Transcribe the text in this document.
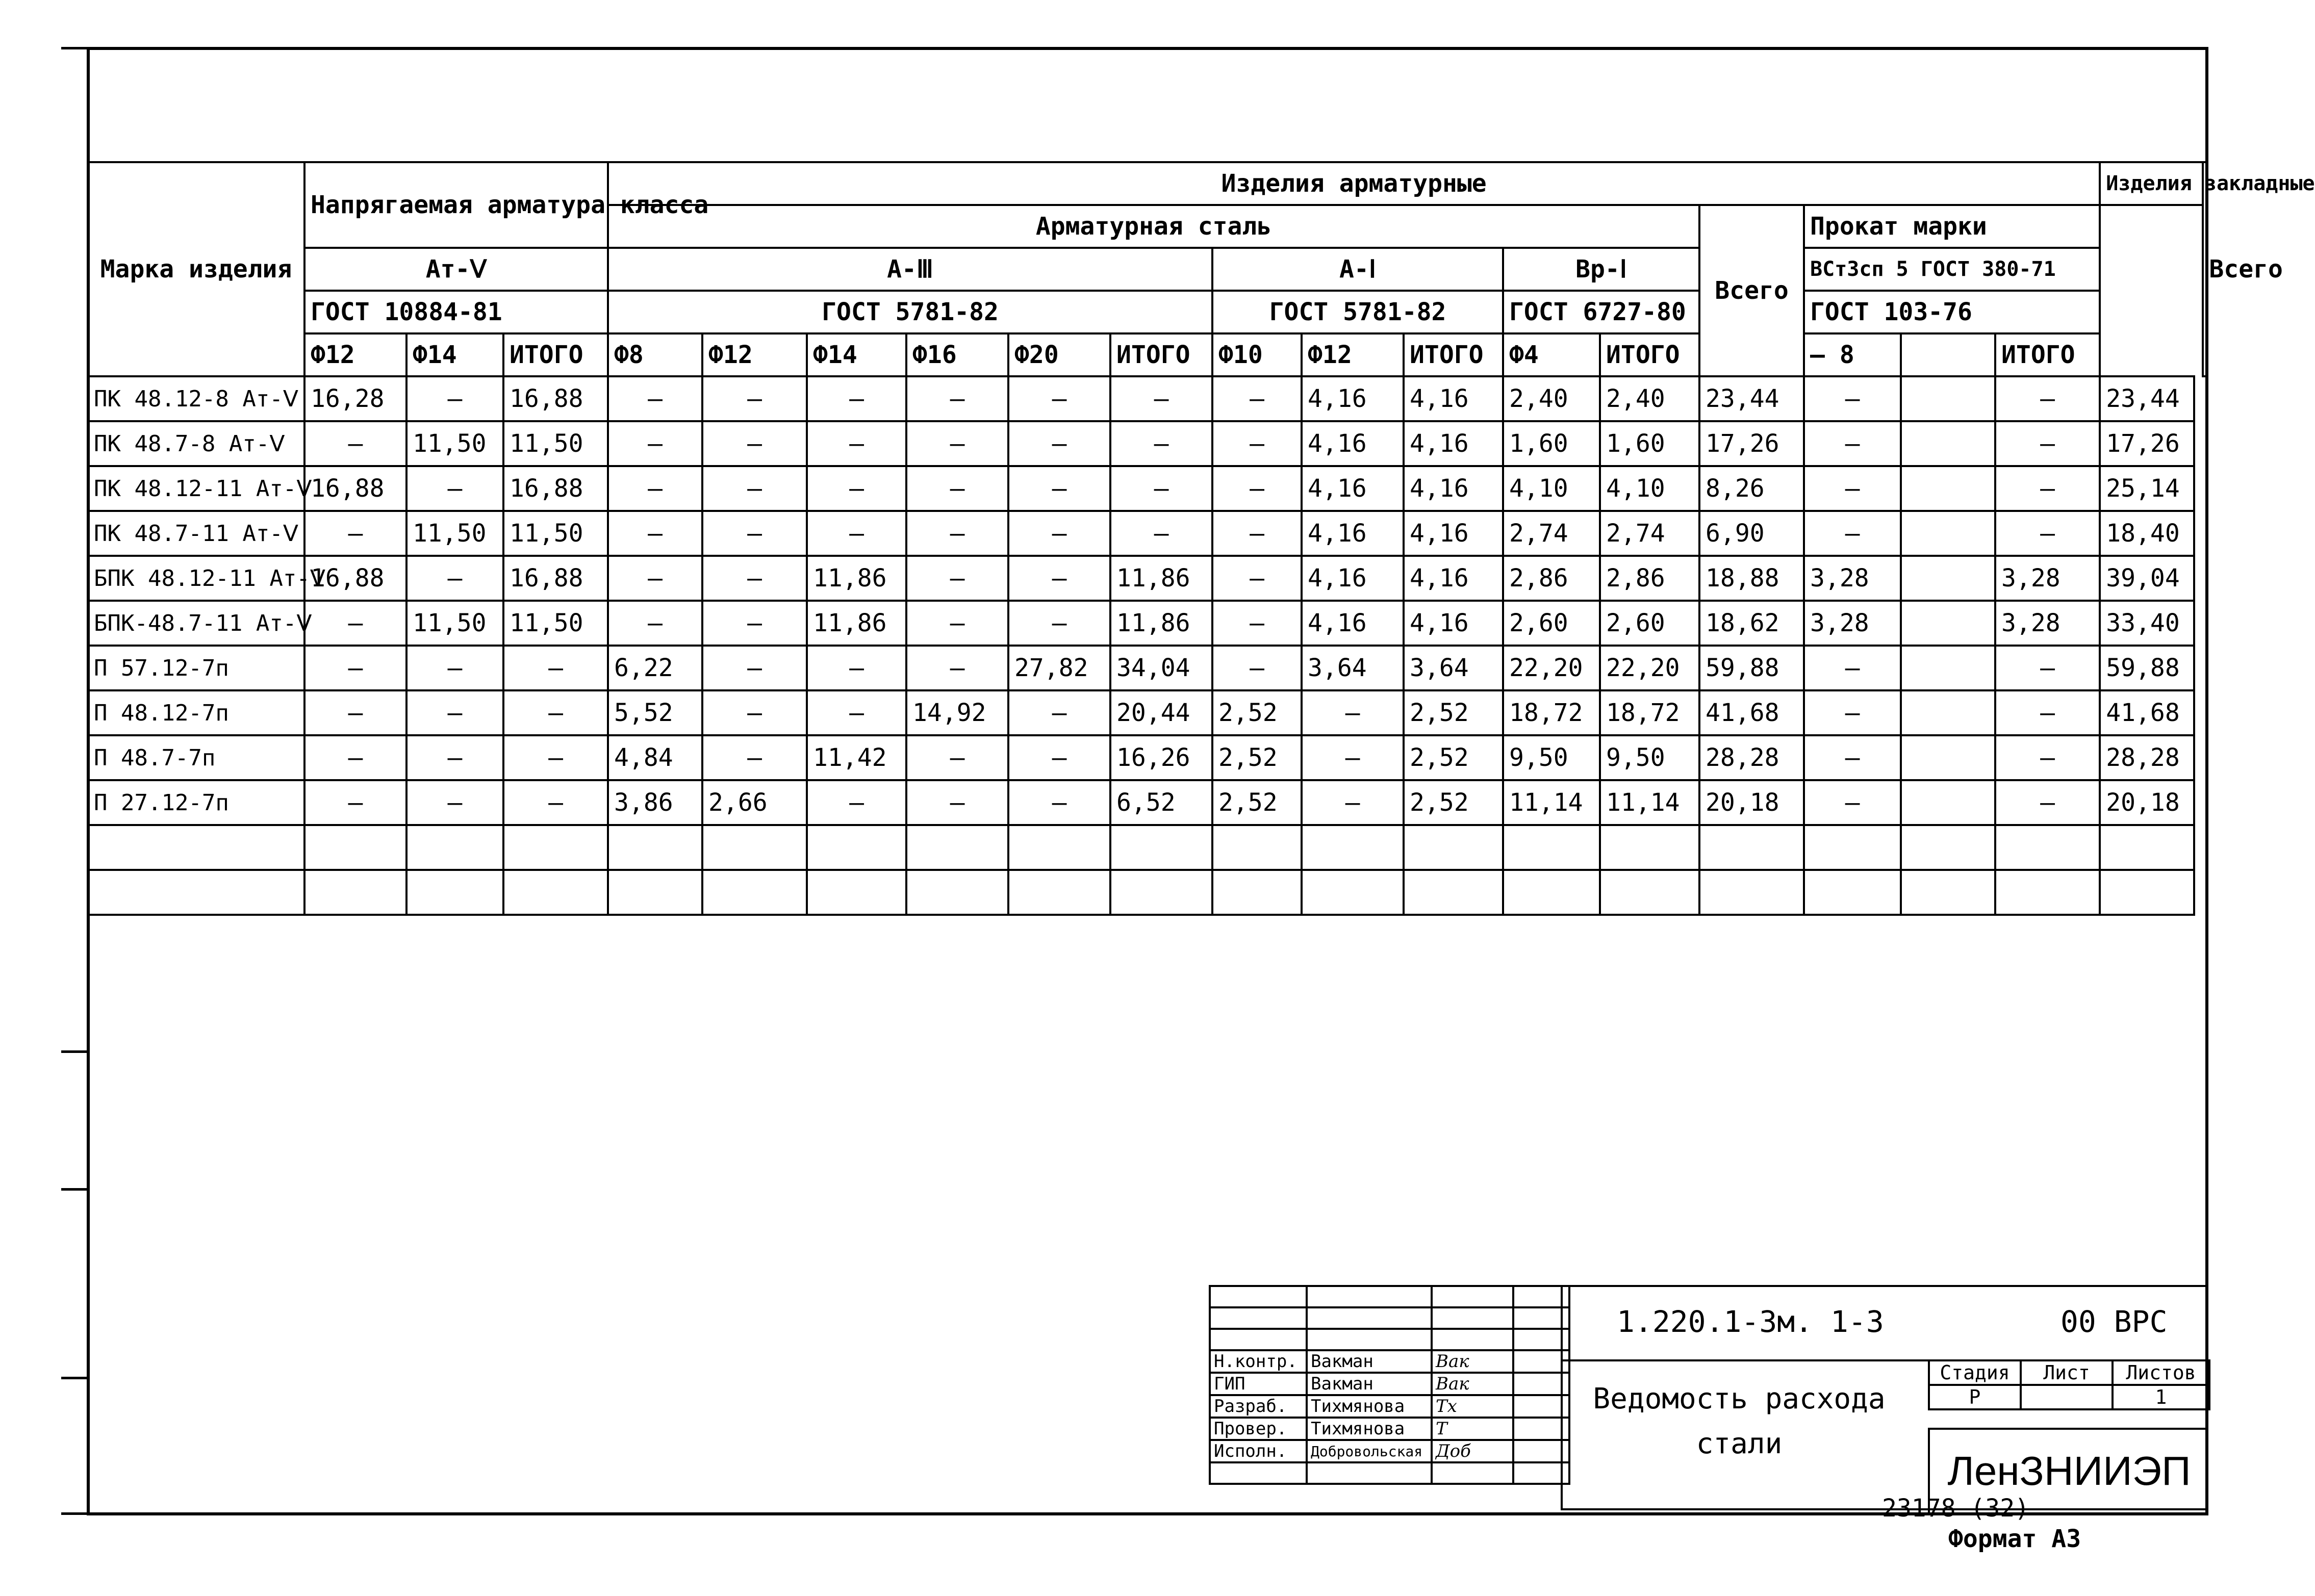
Марка изделия	Напрягаемая арматура класса			Изделия арматурные															Изделия закладные	Всего
				Арматурная сталь											Всего	Прокат марки				
	Ат-Ⅴ			А-Ⅲ						А-Ⅰ			Вр-Ⅰ			ВСт3сп 5 ГОСТ 380-71				
	ГОСТ 10884-81			ГОСТ 5781-82						ГОСТ 5781-82			ГОСТ 6727-80			ГОСТ 103-76				
	Ф12	Ф14	ИТОГО	Ф8	Ф12	Ф14	Ф16	Ф20	ИТОГО	Ф10	Ф12	ИТОГО	Ф4	ИТОГО		— 8		ИТОГО		
ПК 48.12-8 Ат-Ⅴ	16,28	—	16,88	—	—	—	—	—	—	—	4,16	4,16	2,40	2,40	23,44	—		—	23,44	
ПК 48.7-8 Ат-Ⅴ	—	11,50	11,50	—	—	—	—	—	—	—	4,16	4,16	1,60	1,60	17,26	—		—	17,26	
ПК 48.12-11 Ат-Ⅴ	16,88	—	16,88	—	—	—	—	—	—	—	4,16	4,16	4,10	4,10	8,26	—		—	25,14	
ПК 48.7-11 Ат-Ⅴ	—	11,50	11,50	—	—	—	—	—	—	—	4,16	4,16	2,74	2,74	6,90	—		—	18,40	
БПК 48.12-11 Ат-Ⅴ	16,88	—	16,88	—	—	11,86	—	—	11,86	—	4,16	4,16	2,86	2,86	18,88	3,28		3,28	39,04	
БПК-48.7-11 Ат-Ⅴ	—	11,50	11,50	—	—	11,86	—	—	11,86	—	4,16	4,16	2,60	2,60	18,62	3,28		3,28	33,40	
П 57.12-7п	—	—	—	6,22	—	—	—	27,82	34,04	—	3,64	3,64	22,20	22,20	59,88	—		—	59,88	
П 48.12-7п	—	—	—	5,52	—	—	14,92	—	20,44	2,52	—	2,52	18,72	18,72	41,68	—		—	41,68	
П 48.7-7п	—	—	—	4,84	—	11,42	—	—	16,26	2,52	—	2,52	9,50	9,50	28,28	—		—	28,28	
П 27.12-7п	—	—	—	3,86	2,66	—	—	—	6,52	2,52	—	2,52	11,14	11,14	20,18	—		—	20,18	

Н.контр.	Вакман	Вак	
ГИП	Вакман	Вак	
Разраб.	Тихмянова	Тх	
Провер.	Тихмянова	Т	
Исполн.	Добровольская	Доб	

1.220.1-3м. 1-3	00 ВРС
Ведомость расхода стали
Стадия	Лист	Листов
Р		1
ЛенЗНИИЭП
23178 (32)
Формат А3
